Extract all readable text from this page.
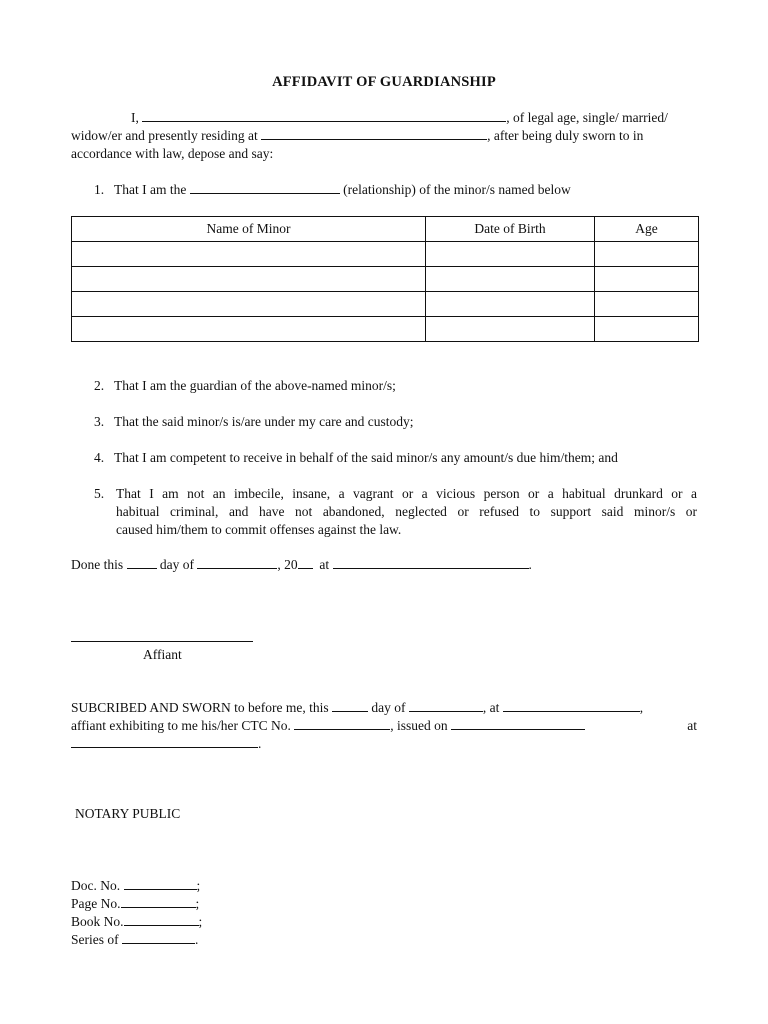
AFFIDAVIT OF GUARDIANSHIP
I,	, of legal age, single/ married/
widow/er and presently residing at	, after being duly sworn to in
accordance with law, depose and say:
1. That I am the	(relationship) of the minor/s named below
Name of Minor	Date of Birth	Age

2. That I am the guardian of the above-named minor/s;
3. That the said minor/s is/are under my care and custody;
4. That I am competent to receive in behalf of the said minor/s any amount/s due him/them; and
5. That I am not an imbecile, insane, a vagrant or a vicious person or a habitual drunkard or a
habitual criminal, and have not abandoned, neglected or refused to support said minor/s or
caused him/them to commit offenses against the law.
Done this	day of	, 20 at	.
Affiant
SUBCRIBED AND SWORN to before me, this	day of	, at	,
affiant exhibiting to me his/her CTC No.	, issued on	at
.
NOTARY PUBLIC
Doc. No.	;
Page No.	;
Book No.	;
Series of	.
